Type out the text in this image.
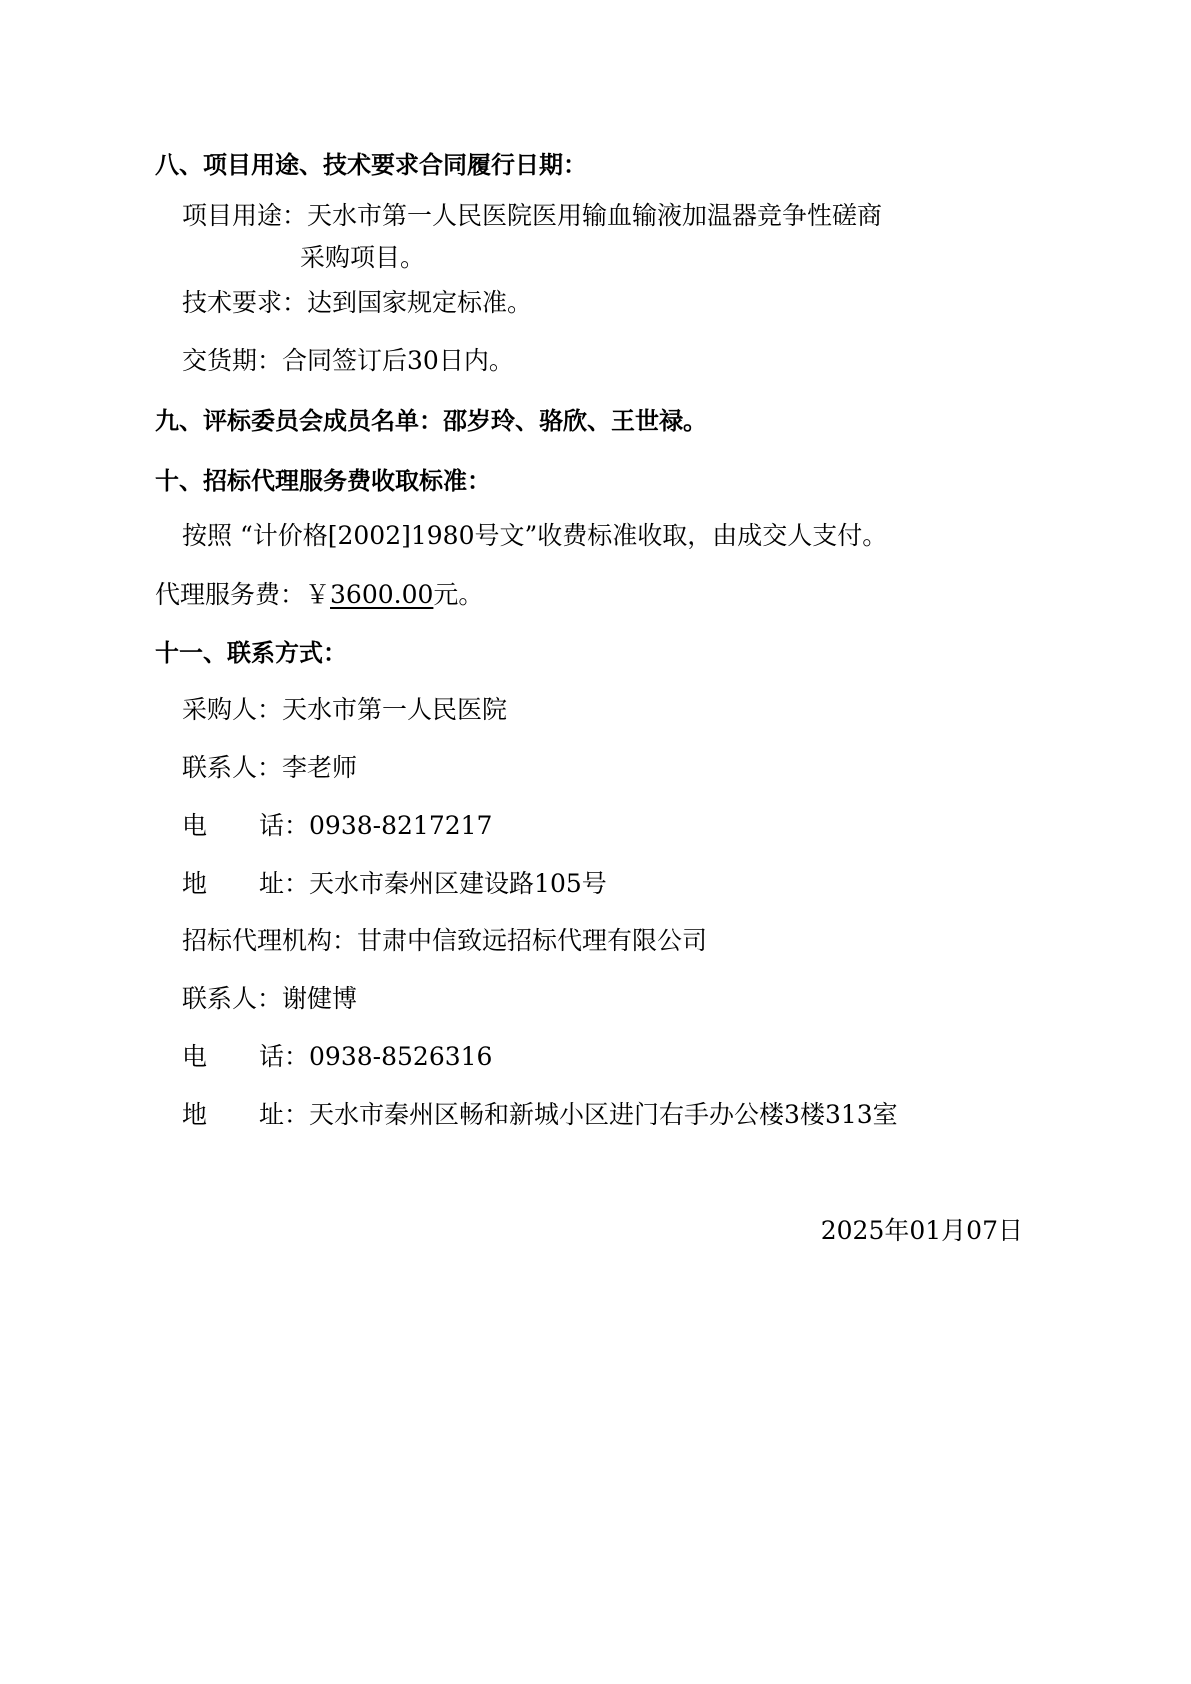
八、项目用途、技术要求合同履行日期：
项目用途：天水市第一人民医院医用输血输液加温器竞争性磋商
采购项目。
技术要求：达到国家规定标准。
交货期：合同签订后30日内。
九、评标委员会成员名单：邵岁玲、骆欣、王世禄。
十、招标代理服务费收取标准：
按照 “计价格[2002]1980号文”收费标准收取，由成交人支付。
代理服务费：￥3600.00元。
十一、联系方式：
采购人：天水市第一人民医院
联系人：李老师
电 话：0938-8217217
地 址：天水市秦州区建设路105号
招标代理机构：甘肃中信致远招标代理有限公司
联系人：谢健博
电 话：0938-8526316
地 址：天水市秦州区畅和新城小区进门右手办公楼3楼313室
2025年01月07日
